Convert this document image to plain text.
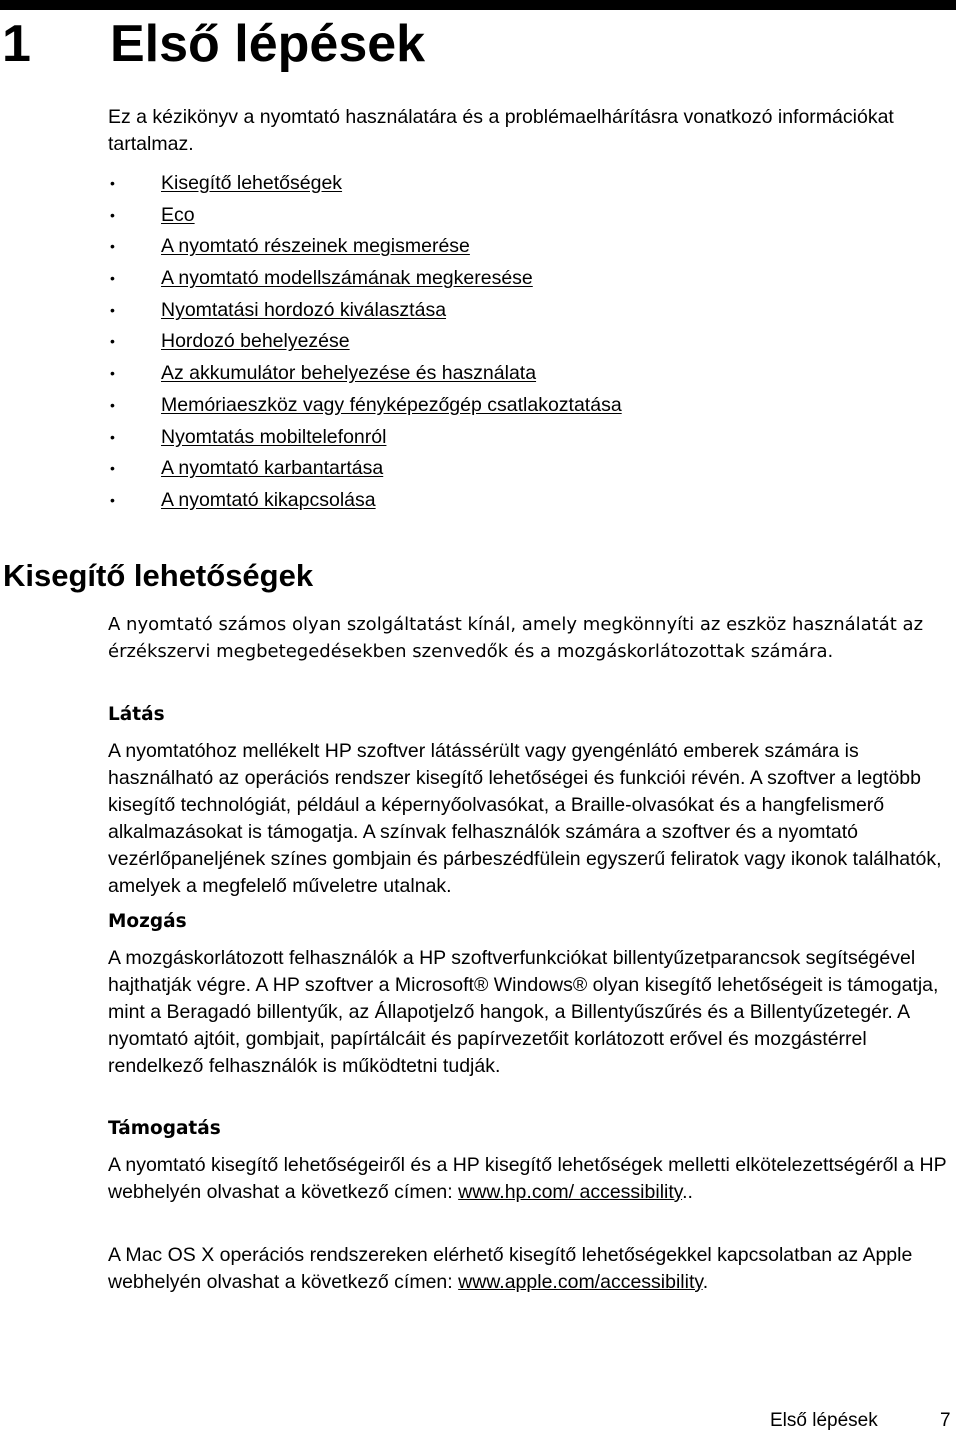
1 Első lépések

Ez a kézikönyv a nyomtató használatára és a problémaelhárításra vonatkozó információkat tartalmaz.

• Kisegítő lehetőségek
• Eco
• A nyomtató részeinek megismerése
• A nyomtató modellszámának megkeresése
• Nyomtatási hordozó kiválasztása
• Hordozó behelyezése
• Az akkumulátor behelyezése és használata
• Memóriaeszköz vagy fényképezőgép csatlakoztatása
• Nyomtatás mobiltelefonról
• A nyomtató karbantartása
• A nyomtató kikapcsolása
Kisegítő lehetőségek

A nyomtató számos olyan szolgáltatást kínál, amely megkönnyíti az eszköz használatát az érzékszervi megbetegedésekben szenvedők és a mozgáskorlátozottak számára.

Látás

A nyomtatóhoz mellékelt HP szoftver látássérült vagy gyengénlátó emberek számára is használható az operációs rendszer kisegítő lehetőségei és funkciói révén. A szoftver a legtöbb kisegítő technológiát, például a képernyőolvasókat, a Braille-olvasókat és a hangfelismerő alkalmazásokat is támogatja. A színvak felhasználók számára a szoftver és a nyomtató vezérlőpaneljének színes gombjain és párbeszédfülein egyszerű feliratok vagy ikonok találhatók, amelyek a megfelelő műveletre utalnak.

Mozgás

A mozgáskorlátozott felhasználók a HP szoftverfunkciókat billentyűzetparancsok segítségével hajthatják végre. A HP szoftver a Microsoft® Windows® olyan kisegítő lehetőségeit is támogatja, mint a Beragadó billentyűk, az Állapotjelző hangok, a Billentyűszűrés és a Billentyűzetegér. A nyomtató ajtóit, gombjait, papírtálcáit és papírvezetőit korlátozott erővel és mozgástérrel rendelkező felhasználók is működtetni tudják.

Támogatás

A nyomtató kisegítő lehetőségeiről és a HP kisegítő lehetőségek melletti elkötelezettségéről a HP webhelyén olvashat a következő címen: www.hp.com/ accessibility..

A Mac OS X operációs rendszereken elérhető kisegítő lehetőségekkel kapcsolatban az Apple webhelyén olvashat a következő címen: www.apple.com/accessibility.

Első lépések	7
